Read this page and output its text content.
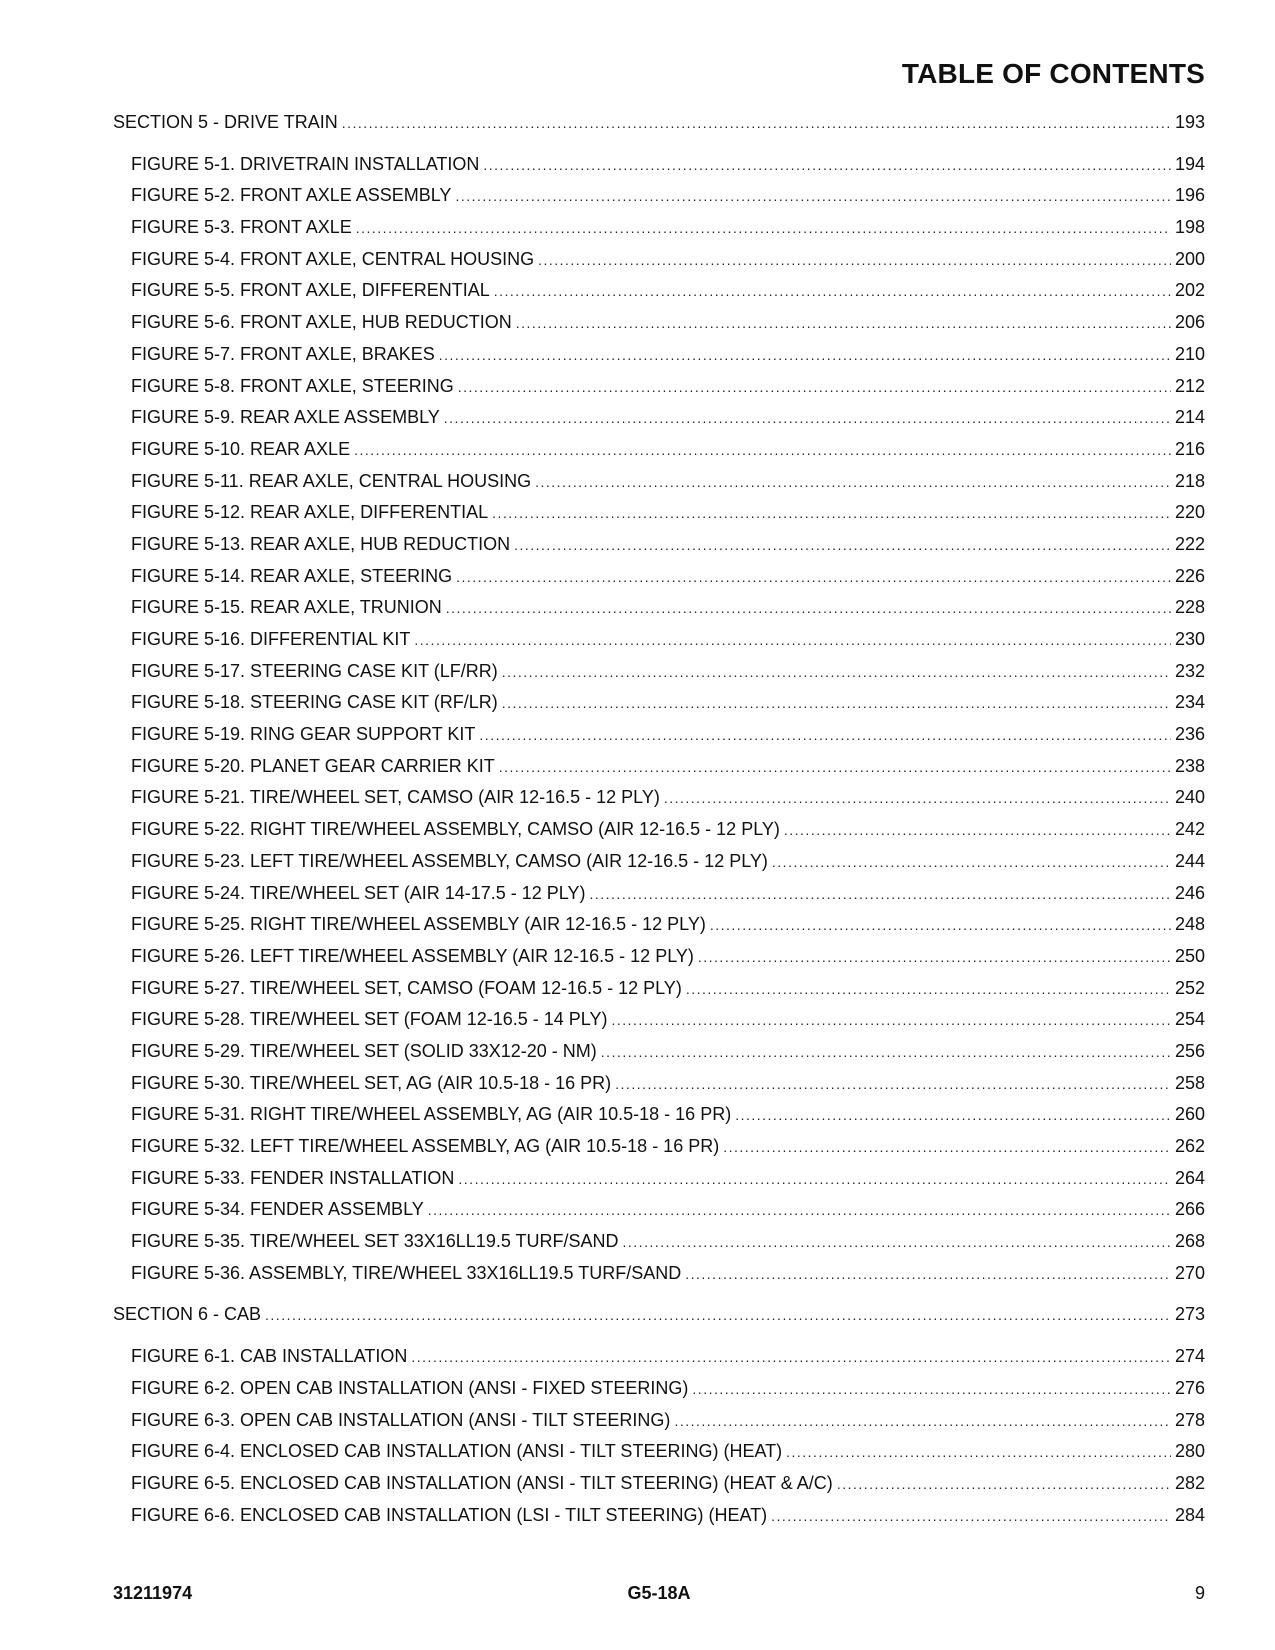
TABLE OF CONTENTS
SECTION 5 - DRIVE TRAIN .....	193
FIGURE 5-1. DRIVETRAIN INSTALLATION .....	194
FIGURE 5-2. FRONT AXLE ASSEMBLY .....	196
FIGURE 5-3. FRONT AXLE .....	198
FIGURE 5-4. FRONT AXLE, CENTRAL HOUSING .....	200
FIGURE 5-5. FRONT AXLE, DIFFERENTIAL .....	202
FIGURE 5-6. FRONT AXLE, HUB REDUCTION .....	206
FIGURE 5-7. FRONT AXLE, BRAKES .....	210
FIGURE 5-8. FRONT AXLE, STEERING .....	212
FIGURE 5-9. REAR AXLE ASSEMBLY .....	214
FIGURE 5-10. REAR AXLE .....	216
FIGURE 5-11. REAR AXLE, CENTRAL HOUSING .....	218
FIGURE 5-12. REAR AXLE, DIFFERENTIAL .....	220
FIGURE 5-13. REAR AXLE, HUB REDUCTION .....	222
FIGURE 5-14. REAR AXLE, STEERING .....	226
FIGURE 5-15. REAR AXLE, TRUNION .....	228
FIGURE 5-16. DIFFERENTIAL KIT .....	230
FIGURE 5-17. STEERING CASE KIT (LF/RR) .....	232
FIGURE 5-18. STEERING CASE KIT (RF/LR) .....	234
FIGURE 5-19. RING GEAR SUPPORT KIT .....	236
FIGURE 5-20. PLANET GEAR CARRIER KIT .....	238
FIGURE 5-21. TIRE/WHEEL SET, CAMSO (AIR 12-16.5 - 12 PLY) .....	240
FIGURE 5-22. RIGHT TIRE/WHEEL ASSEMBLY, CAMSO (AIR 12-16.5 - 12 PLY) .....	242
FIGURE 5-23. LEFT TIRE/WHEEL ASSEMBLY, CAMSO (AIR 12-16.5 - 12 PLY) .....	244
FIGURE 5-24. TIRE/WHEEL SET (AIR 14-17.5 - 12 PLY) .....	246
FIGURE 5-25. RIGHT TIRE/WHEEL ASSEMBLY (AIR 12-16.5 - 12 PLY) .....	248
FIGURE 5-26. LEFT TIRE/WHEEL ASSEMBLY (AIR 12-16.5 - 12 PLY) .....	250
FIGURE 5-27. TIRE/WHEEL SET, CAMSO (FOAM 12-16.5 - 12 PLY) .....	252
FIGURE 5-28. TIRE/WHEEL SET (FOAM 12-16.5 - 14 PLY) .....	254
FIGURE 5-29. TIRE/WHEEL SET (SOLID 33X12-20 - NM) .....	256
FIGURE 5-30. TIRE/WHEEL SET, AG (AIR 10.5-18 - 16 PR) .....	258
FIGURE 5-31. RIGHT TIRE/WHEEL ASSEMBLY, AG (AIR 10.5-18 - 16 PR) .....	260
FIGURE 5-32. LEFT TIRE/WHEEL ASSEMBLY, AG (AIR 10.5-18 - 16 PR) .....	262
FIGURE 5-33. FENDER INSTALLATION .....	264
FIGURE 5-34. FENDER ASSEMBLY .....	266
FIGURE 5-35. TIRE/WHEEL SET 33X16LL19.5 TURF/SAND .....	268
FIGURE 5-36. ASSEMBLY, TIRE/WHEEL 33X16LL19.5 TURF/SAND .....	270
SECTION 6 - CAB .....	273
FIGURE 6-1. CAB INSTALLATION .....	274
FIGURE 6-2. OPEN CAB INSTALLATION (ANSI - FIXED STEERING) .....	276
FIGURE 6-3. OPEN CAB INSTALLATION (ANSI - TILT STEERING) .....	278
FIGURE 6-4. ENCLOSED CAB INSTALLATION (ANSI - TILT STEERING) (HEAT) .....	280
FIGURE 6-5. ENCLOSED CAB INSTALLATION (ANSI - TILT STEERING) (HEAT & A/C) .....	282
FIGURE 6-6. ENCLOSED CAB INSTALLATION (LSI - TILT STEERING) (HEAT) .....	284
31211974	G5-18A	9
